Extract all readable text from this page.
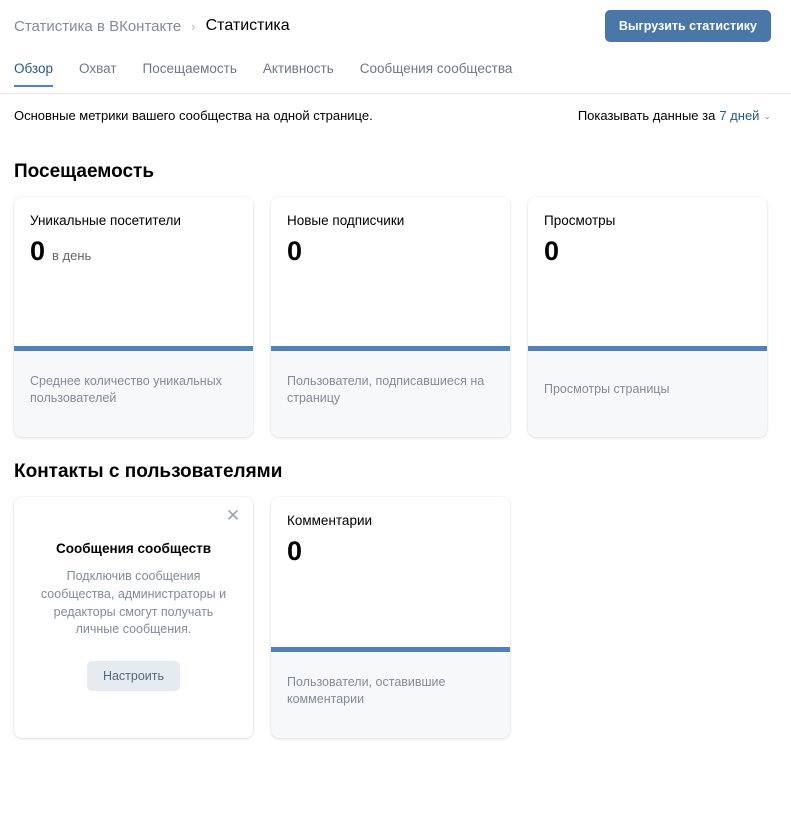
Статистика в ВКонтакте › Статистика	Выгрузить статистику
Обзор Охват Посещаемость Активность Сообщения сообщества
Основные метрики вашего сообщества на одной странице.	Показывать данные за 7 дней ⌄
Посещаемость
Уникальные посетители
0 в день
Среднее количество уникальных пользователей
Новые подписчики
0
Пользователи, подписавшиеся на страницу
Просмотры
0
Просмотры страницы
Контакты с пользователями
✕
Сообщения сообществ
Подключив сообщения сообщества, администраторы и редакторы смогут получать личные сообщения.
Настроить
Комментарии
0
Пользователи, оставившие комментарии
